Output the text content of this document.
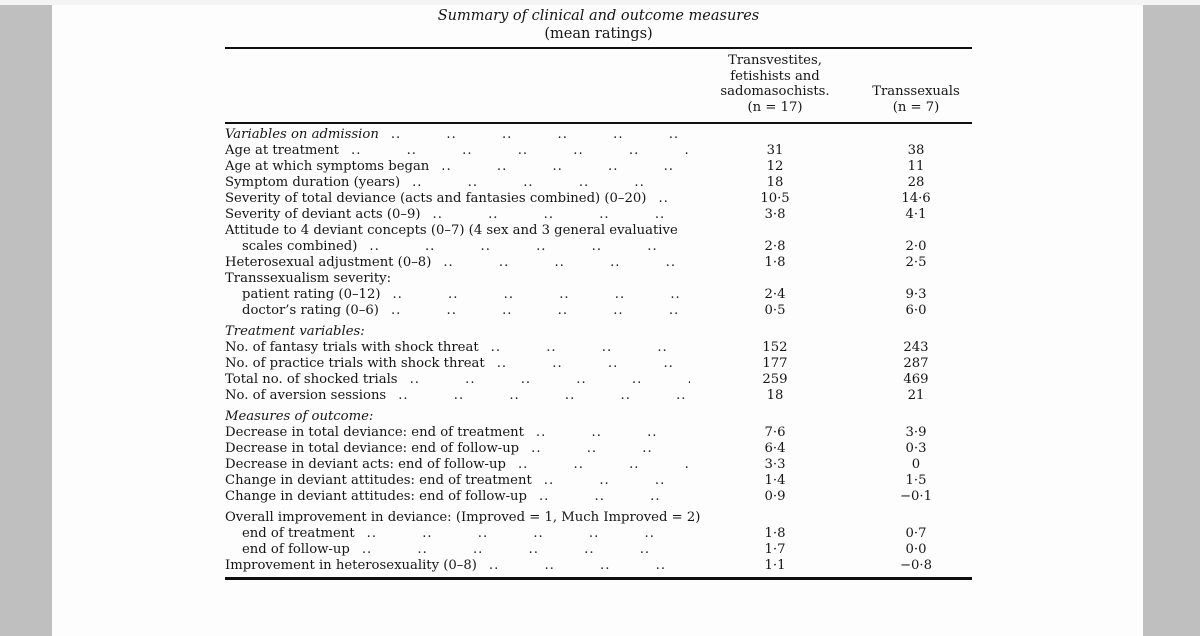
Summary of clinical and outcome measures
(mean ratings)
Transvestites,
fetishists and
sadomasochists.
(n = 17)
Transsexuals
(n = 7)
Variables on admission
.. ..
Age at treatment .. ..	31	38
Age at which symptoms began .. ..	12	11
Symptom duration (years) .. ..	18	28
Severity of total deviance (acts and fantasies combined) (0–20) .. ..	10·5	14·6
Severity of deviant acts (0–9) .. ..	3·8	4·1
Attitude to 4 deviant concepts (0–7) (4 sex and 3 general evaluative
scales combined) .. ..	2·8	2·0
Heterosexual adjustment (0–8) .. ..	1·8	2·5
Transsexualism severity:
patient rating (0–12) .. ..	2·4	9·3
doctor’s rating (0–6) .. ..	0·5	6·0
Treatment variables:
No. of fantasy trials with shock threat .. ..	152	243
No. of practice trials with shock threat .. ..	177	287
Total no. of shocked trials .. ..	259	469
No. of aversion sessions .. ..	18	21
Measures of outcome:
Decrease in total deviance: end of treatment .. ..	7·6	3·9
Decrease in total deviance: end of follow-up .. ..	6·4	0·3
Decrease in deviant acts: end of follow-up .. ..	3·3	0
Change in deviant attitudes: end of treatment .. ..	1·4	1·5
Change in deviant attitudes: end of follow-up .. ..	0·9	−0·1
Overall improvement in deviance: (Improved = 1, Much Improved = 2)
end of treatment .. ..	1·8	0·7
end of follow-up .. ..	1·7	0·0
Improvement in heterosexuality (0–8) .. ..	1·1	−0·8
